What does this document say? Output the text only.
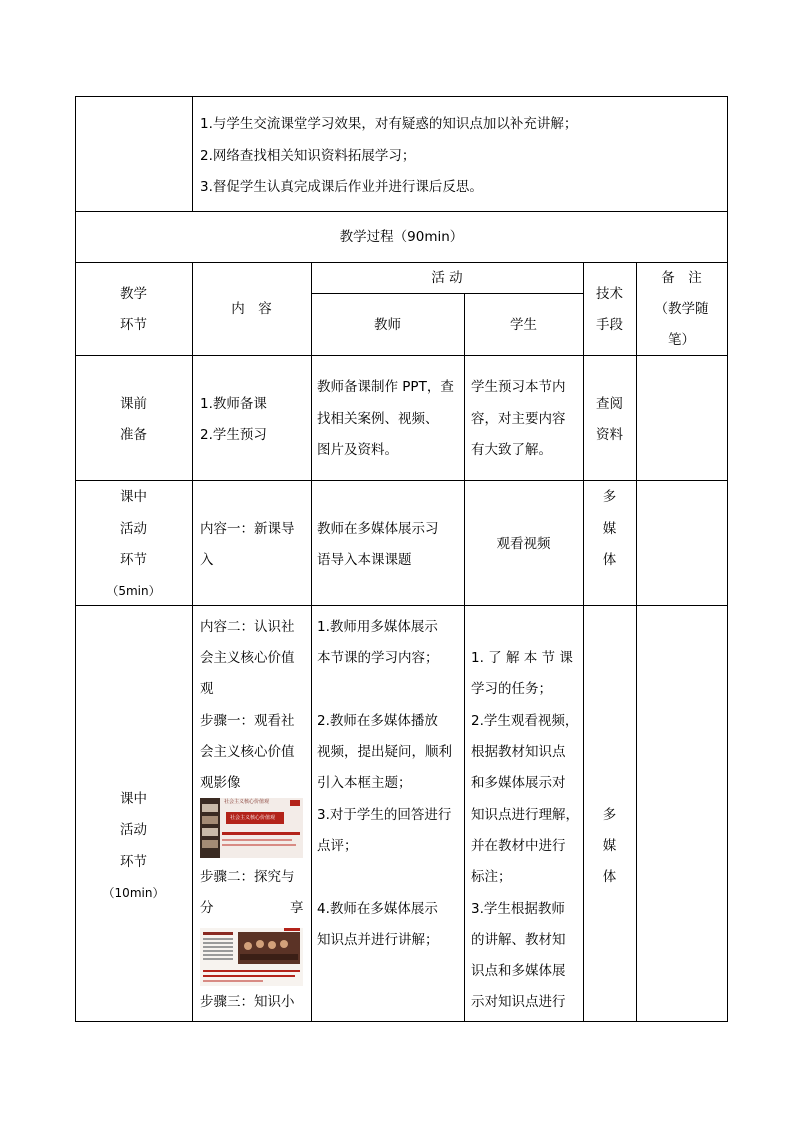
1.与学生交流课堂学习效果，对有疑惑的知识点加以补充讲解；
2.网络查找相关知识资料拓展学习；
3.督促学生认真完成课后作业并进行课后反思。
教学过程（90min）
教学
环节
内　容
活 动
教师	学生
技术
手段
备　注
（教学随
笔）
课前
准备
1.教师备课
2.学生预习
教师备课制作 PPT，查
找相关案例、视频、
图片及资料。
学生预习本节内
容，对主要内容
有大致了解。
查阅
资料
课中
活动
环节
（5min）
内容一：新课导
入
教师在多媒体展示习
语导入本课课题
观看视频
多
媒
体
课中
活动
环节
（10min）
内容二：认识社
会主义核心价值
观
步骤一：观看社
会主义核心价值
观影像
社会主义核心价值观
社会主义核心价值观
步骤二：探究与
分	享
步骤三：知识小
1.教师用多媒体展示
本节课的学习内容；
2.教师在多媒体播放
视频，提出疑问，顺利
引入本框主题；
3.对于学生的回答进行
点评；
4.教师在多媒体展示
知识点并进行讲解；
1. 了 解 本 节 课
学习的任务；
2.学生观看视频，
根据教材知识点
和多媒体展示对
知识点进行理解，
并在教材中进行
标注；
3.学生根据教师
的讲解、教材知
识点和多媒体展
示对知识点进行
多
媒
体
